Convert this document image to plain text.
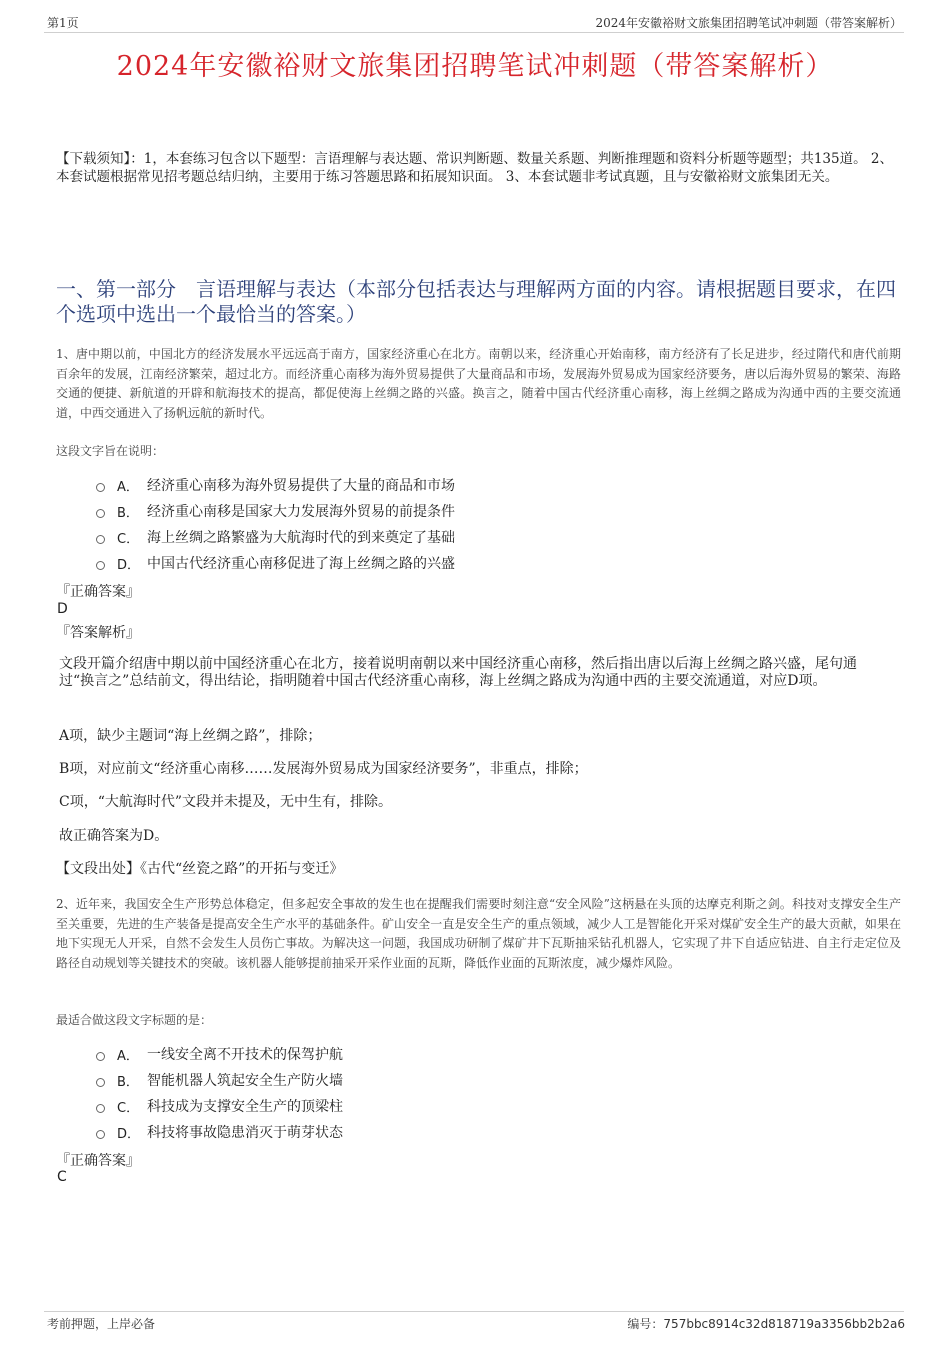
第1页	2024年安徽裕财文旅集团招聘笔试冲刺题（带答案解析）
2024年安徽裕财文旅集团招聘笔试冲刺题（带答案解析）
【下载须知】：1，本套练习包含以下题型：言语理解与表达题、常识判断题、数量关系题、判断推理题和资料分析题等题型；共135道。 2、本套试题根据常见招考题总结归纳，主要用于练习答题思路和拓展知识面。 3、本套试题非考试真题，且与安徽裕财文旅集团无关。
一、第一部分　言语理解与表达（本部分包括表达与理解两方面的内容。请根据题目要求，在四个选项中选出一个最恰当的答案。）
1、唐中期以前，中国北方的经济发展水平远远高于南方，国家经济重心在北方。南朝以来，经济重心开始南移，南方经济有了长足进步，经过隋代和唐代前期百余年的发展，江南经济繁荣，超过北方。而经济重心南移为海外贸易提供了大量商品和市场，发展海外贸易成为国家经济要务，唐以后海外贸易的繁荣、海路交通的便捷、新航道的开辟和航海技术的提高，都促使海上丝绸之路的兴盛。换言之，随着中国古代经济重心南移，海上丝绸之路成为沟通中西的主要交流通道，中西交通进入了扬帆远航的新时代。
这段文字旨在说明：
A． 经济重心南移为海外贸易提供了大量的商品和市场
B． 经济重心南移是国家大力发展海外贸易的前提条件
C． 海上丝绸之路繁盛为大航海时代的到来奠定了基础
D． 中国古代经济重心南移促进了海上丝绸之路的兴盛
『正确答案』
D
『答案解析』
文段开篇介绍唐中期以前中国经济重心在北方，接着说明南朝以来中国经济重心南移，然后指出唐以后海上丝绸之路兴盛，尾句通过“换言之”总结前文，得出结论，指明随着中国古代经济重心南移，海上丝绸之路成为沟通中西的主要交流通道，对应D项。
A项，缺少主题词“海上丝绸之路”，排除；
B项，对应前文“经济重心南移……发展海外贸易成为国家经济要务”，非重点，排除；
C项，“大航海时代”文段并未提及，无中生有，排除。
故正确答案为D。
【文段出处】《古代“丝瓷之路”的开拓与变迁》
2、近年来，我国安全生产形势总体稳定，但多起安全事故的发生也在提醒我们需要时刻注意“安全风险”这柄悬在头顶的达摩克利斯之剑。科技对支撑安全生产至关重要，先进的生产装备是提高安全生产水平的基础条件。矿山安全一直是安全生产的重点领域，减少人工是智能化开采对煤矿安全生产的最大贡献，如果在地下实现无人开采，自然不会发生人员伤亡事故。为解决这一问题，我国成功研制了煤矿井下瓦斯抽采钻孔机器人，它实现了井下自适应钻进、自主行走定位及路径自动规划等关键技术的突破。该机器人能够提前抽采开采作业面的瓦斯，降低作业面的瓦斯浓度，减少爆炸风险。
最适合做这段文字标题的是：
A． 一线安全离不开技术的保驾护航
B． 智能机器人筑起安全生产防火墙
C． 科技成为支撑安全生产的顶梁柱
D． 科技将事故隐患消灭于萌芽状态
『正确答案』
C
考前押题，上岸必备	编号：757bbc8914c32d818719a3356bb2b2a6
